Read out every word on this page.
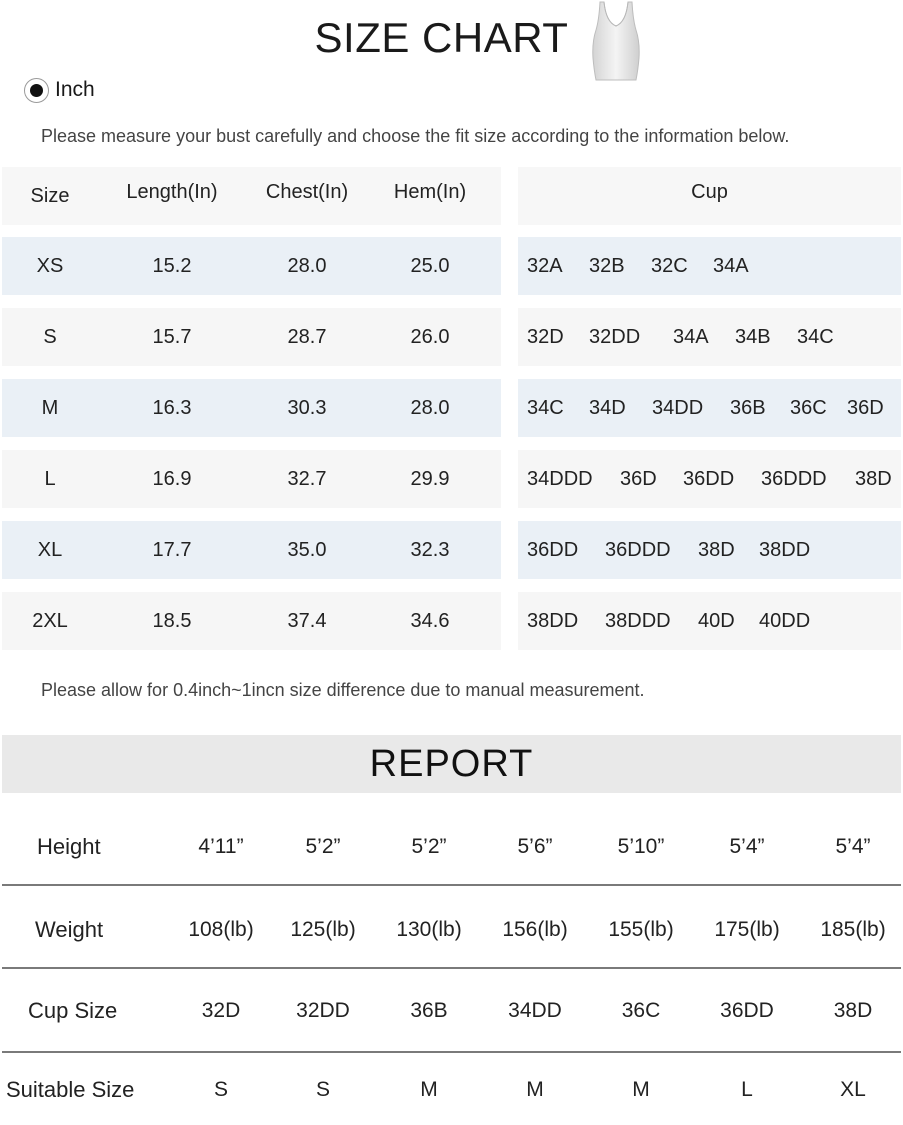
SIZE CHART
Inch
Please measure your bust carefully and choose the fit size according to the information below.
Size	Length(In)	Chest(In)	Hem(In)	Cup
XS	15.2	28.0	25.0	32A	32B	32C	34A
S	15.7	28.7	26.0	32D	32DD	34A	34B	34C
M	16.3	30.3	28.0	34C	34D	34DD	36B	36C	36D
L	16.9	32.7	29.9	34DDD	36D	36DD	36DDD	38D
XL	17.7	35.0	32.3	36DD	36DDD	38D	38DD
2XL	18.5	37.4	34.6	38DD	38DDD	40D	40DD
Please allow for 0.4inch~1incn size difference due to manual measurement.
REPORT
Height	4’11”	5’2”	5’2”	5’6”	5’10”	5’4”	5’4”
Weight	108(lb)	125(lb)	130(lb)	156(lb)	155(lb)	175(lb)	185(lb)
Cup Size	32D	32DD	36B	34DD	36C	36DD	38D
Suitable Size	S	S	M	M	M	L	XL
